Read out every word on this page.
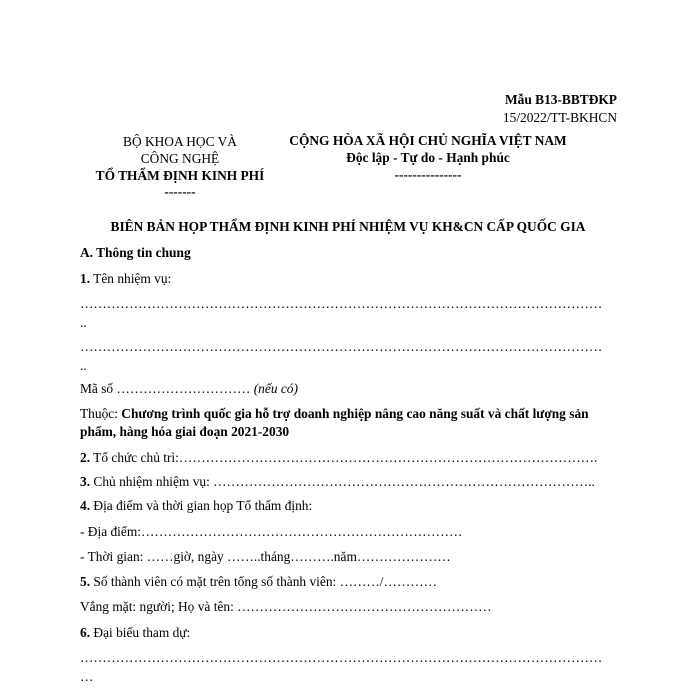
Mẫu B13-BBTĐKP
15/2022/TT-BKHCN
BỘ KHOA HỌC VÀ
CÔNG NGHỆ
TỔ THẨM ĐỊNH KINH PHÍ
-------
CỘNG HÒA XÃ HỘI CHỦ NGHĨA VIỆT NAM
Độc lập - Tự do - Hạnh phúc
---------------
BIÊN BẢN HỌP THẨM ĐỊNH KINH PHÍ NHIỆM VỤ KH&CN CẤP QUỐC GIA
A. Thông tin chung
1. Tên nhiệm vụ:
………………………………………………………………………………………………………
..
………………………………………………………………………………………………………
..
Mã số ………………………… (nếu có)
Thuộc: Chương trình quốc gia hỗ trợ doanh nghiệp nâng cao năng suất và chất lượng sản phẩm, hàng hóa giai đoạn 2021-2030
2. Tổ chức chủ trì:………………………………………………………………………………….
3. Chủ nhiệm nhiệm vụ: …………………………………………………………………………..
4. Địa điểm và thời gian họp Tổ thẩm định:
- Địa điểm:………………………………………………………………
- Thời gian: ……giờ, ngày ……..tháng……….năm…………………
5. Số thành viên có mặt trên tổng số thành viên: ………/…………
Vắng mặt: người; Họ và tên: …………………………………………………
6. Đại biểu tham dự:
………………………………………………………………………………………………………
…
